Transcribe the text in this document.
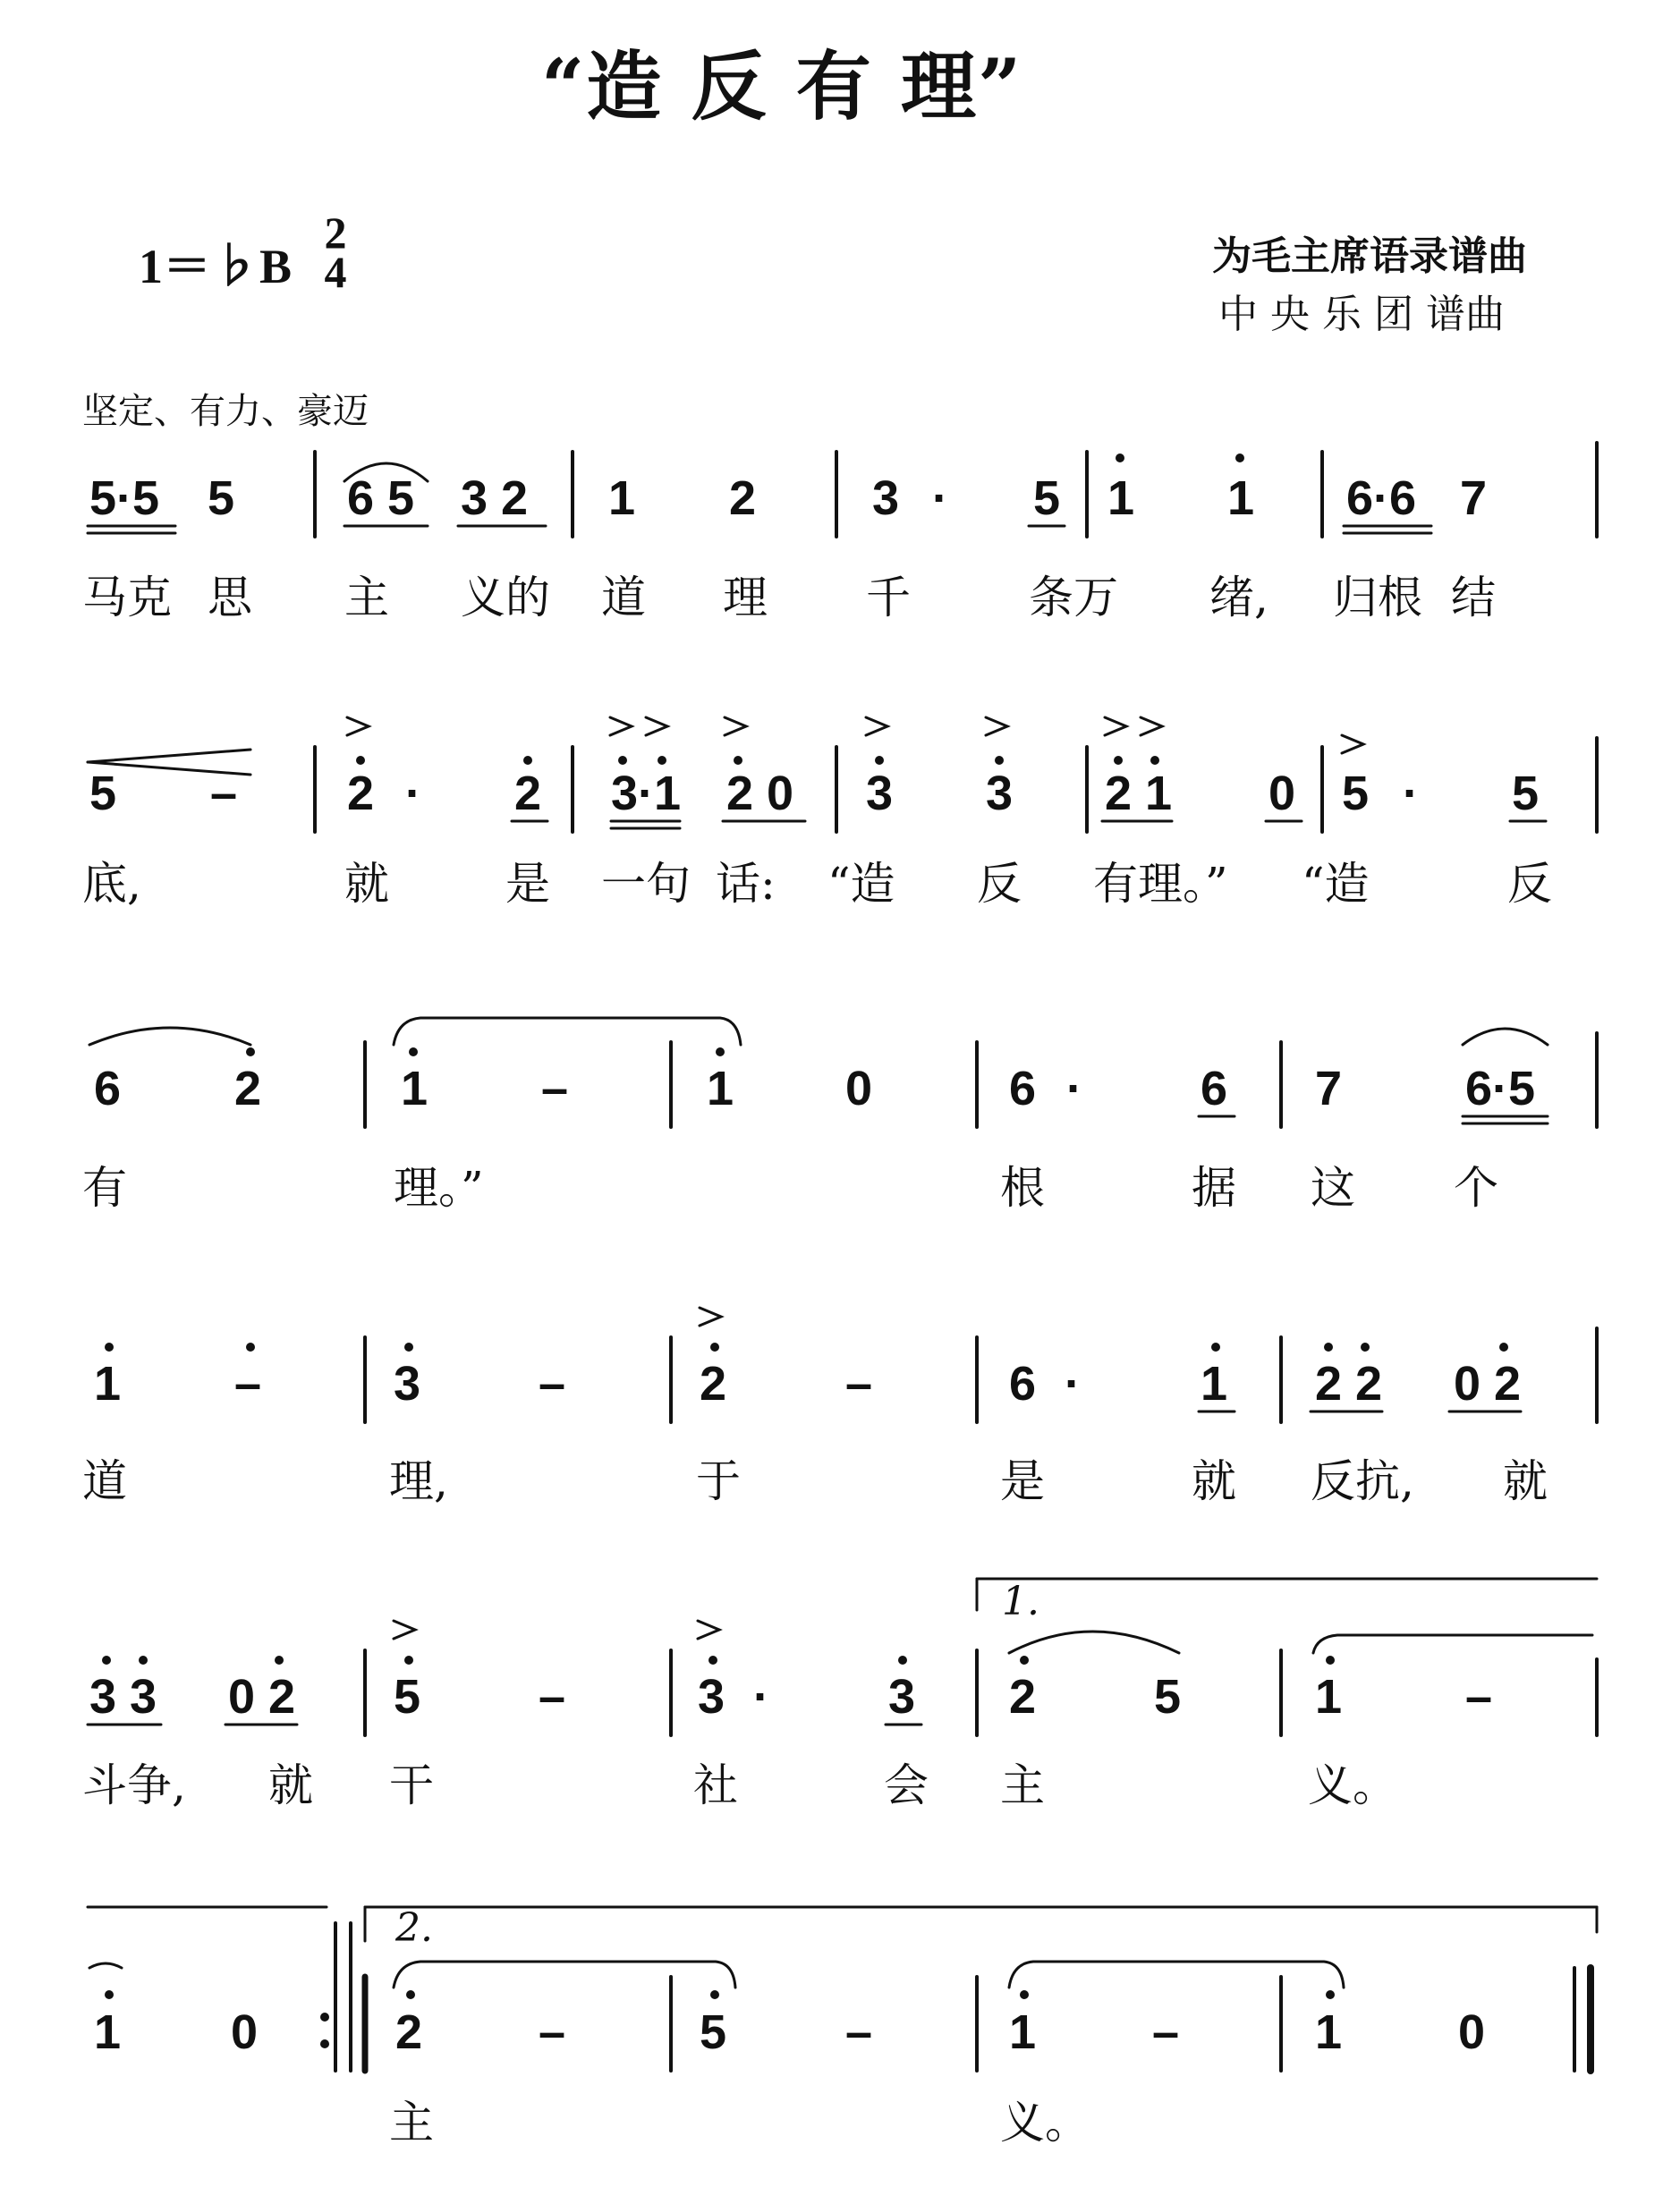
“造 反 有 理”
1＝♭B
2
4	为毛主席语录谱曲
中 央 乐 团 谱曲
坚定、有力、豪迈
5·5 5 6 5 3 2 1 2 3 · 5 1 1 6·6 7
马克 思 主 义的 道 理 千	条万 绪, 归根 结
5 – 2 · 2 3·1 2 0 3 3 2 1 0 5 · 5
底,	就	是 一句 话: “造 反 有理。” “造	反
6 2	1 –	1 0	6 · 6 7	6·5
有	理。”	根	据 这 个
1 –	3 –	2 –	6 · 1 2 2 0 2
道	理,	于	是	就 反抗, 就
1.
3 3 0 2 5 –	3 · 3 2 5	1	–
斗争, 就 干	社	会 主	义。
2.
1 0	2 –	5 –	1 –	1 0
主	义。
